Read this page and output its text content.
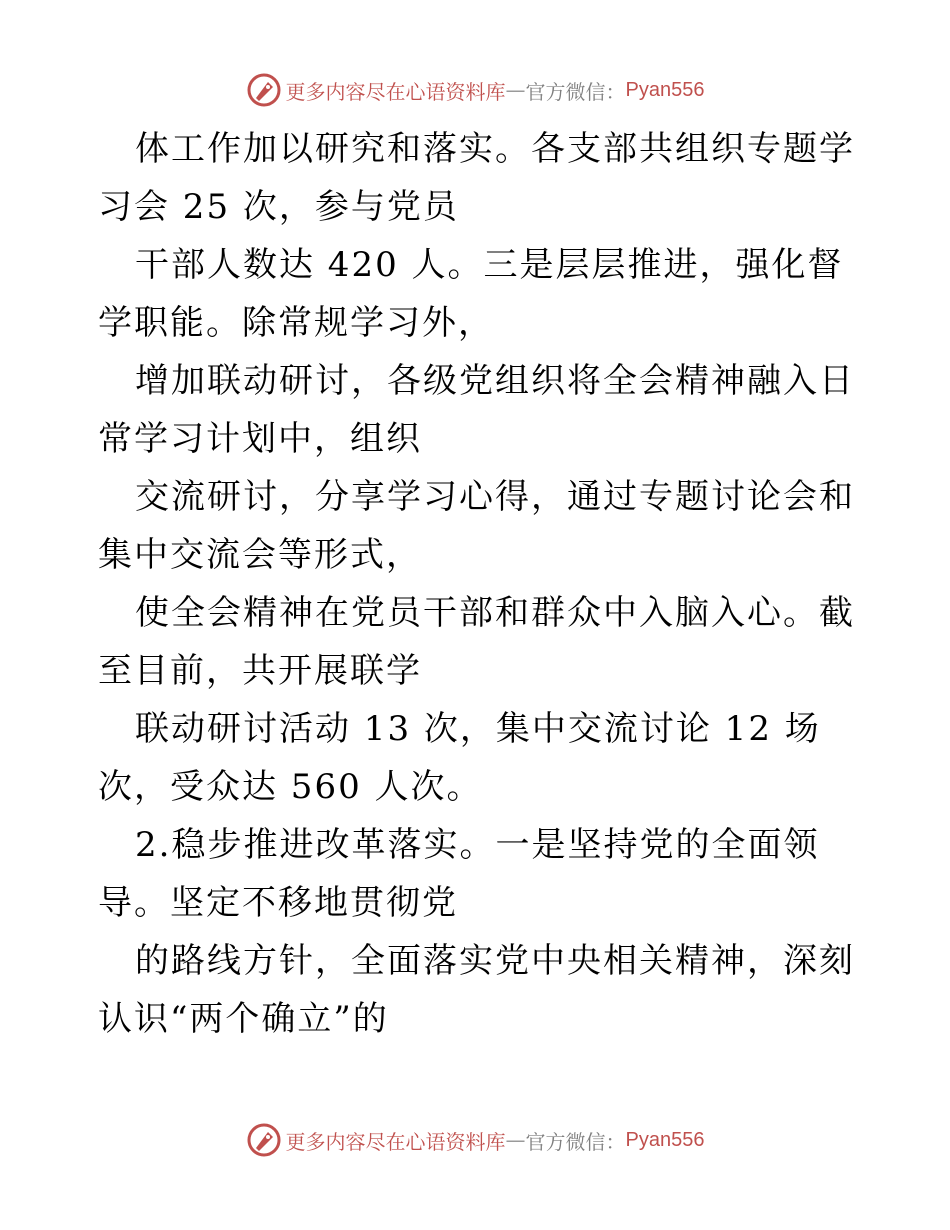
更多内容尽在心语资料库 — 官方微信： Pyan556

体工作加以研究和落实。各支部共组织专题学习会 25 次，参与党员

干部人数达 420 人。三是层层推进，强化督学职能。除常规学习外，

增加联动研讨，各级党组织将全会精神融入日常学习计划中，组织

交流研讨，分享学习心得，通过专题讨论会和集中交流会等形式，

使全会精神在党员干部和群众中入脑入心。截至目前，共开展联学

联动研讨活动 13 次，集中交流讨论 12 场次，受众达 560 人次。

2.稳步推进改革落实。一是坚持党的全面领导。坚定不移地贯彻党

的路线方针，全面落实党中央相关精神，深刻认识“两个确立”的

更多内容尽在心语资料库 — 官方微信： Pyan556
